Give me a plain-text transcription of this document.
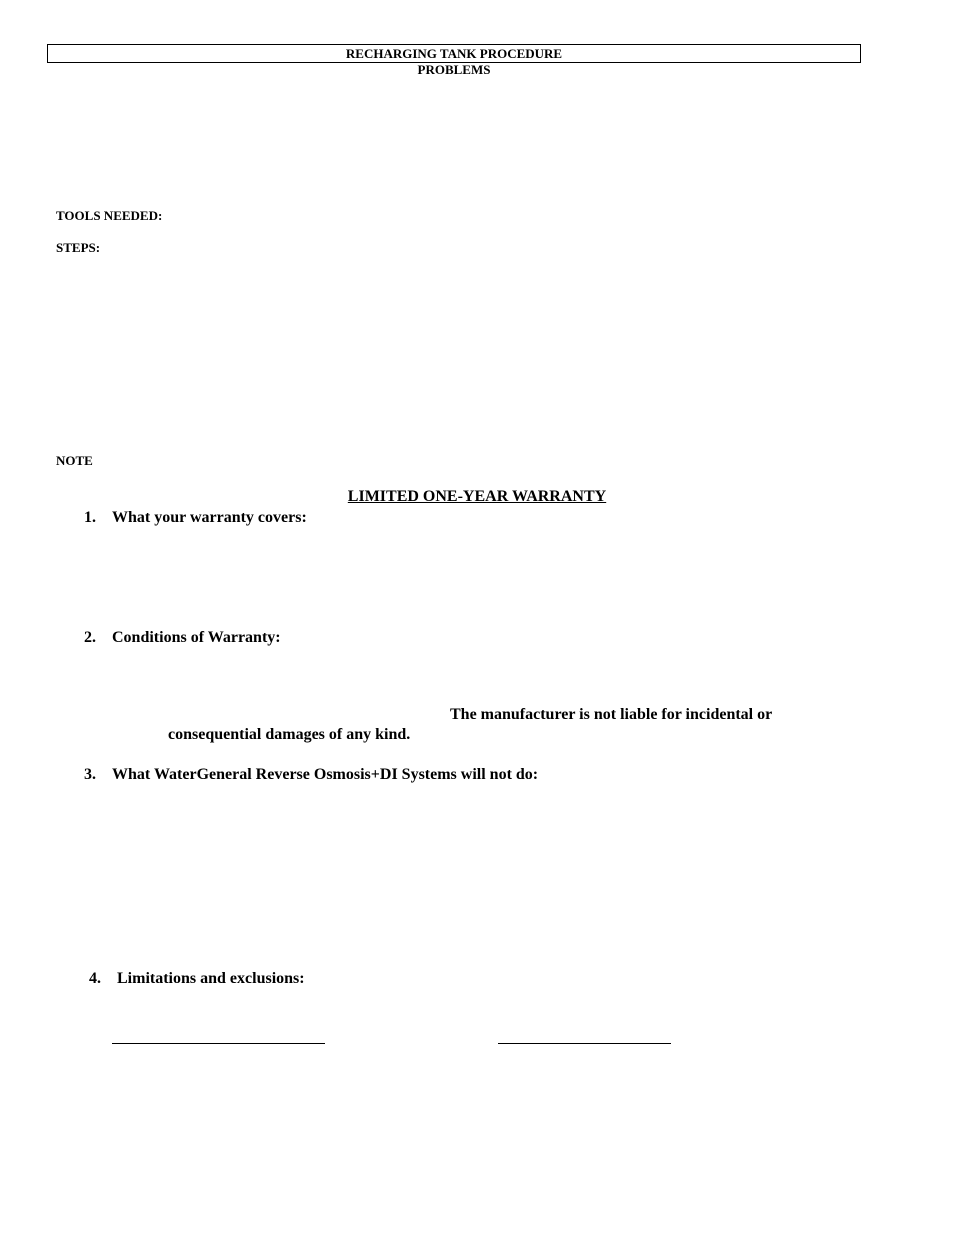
RECHARGING TANK PROCEDURE
PROBLEMS
TOOLS NEEDED:
STEPS:
NOTE
LIMITED ONE-YEAR WARRANTY
1. What your warranty covers:
2. Conditions of Warranty:
The manufacturer is not liable for incidental or
consequential damages of any kind.
3. What WaterGeneral Reverse Osmosis+DI Systems will not do:
4. Limitations and exclusions:
